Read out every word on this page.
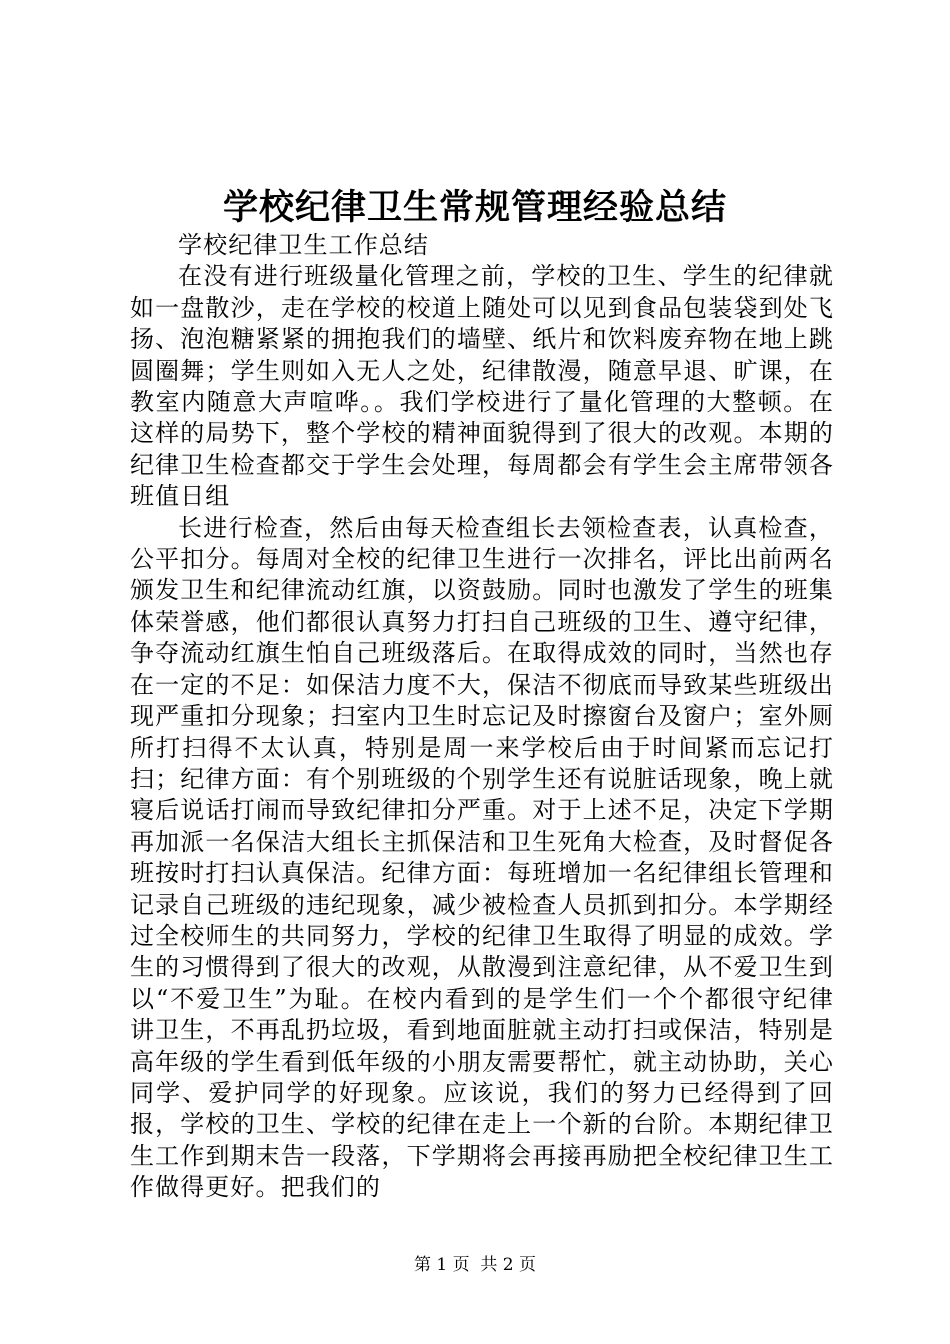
学校纪律卫生常规管理经验总结
学校纪律卫生工作总结

在没有进行班级量化管理之前，学校的卫生、学生的纪律就如一盘散沙，走在学校的校道上随处可以见到食品包装袋到处飞扬、泡泡糖紧紧的拥抱我们的墙壁、纸片和饮料废弃物在地上跳圆圈舞；学生则如入无人之处，纪律散漫，随意早退、旷课，在教室内随意大声喧哗。。我们学校进行了量化管理的大整顿。在这样的局势下，整个学校的精神面貌得到了很大的改观。本期的纪律卫生检查都交于学生会处理，每周都会有学生会主席带领各班值日组

长进行检查，然后由每天检查组长去领检查表，认真检查，公平扣分。每周对全校的纪律卫生进行一次排名，评比出前两名颁发卫生和纪律流动红旗，以资鼓励。同时也激发了学生的班集体荣誉感，他们都很认真努力打扫自己班级的卫生、遵守纪律，争夺流动红旗生怕自己班级落后。在取得成效的同时，当然也存在一定的不足：如保洁力度不大，保洁不彻底而导致某些班级出现严重扣分现象；扫室内卫生时忘记及时擦窗台及窗户；室外厕所打扫得不太认真，特别是周一来学校后由于时间紧而忘记打扫；纪律方面：有个别班级的个别学生还有说脏话现象，晚上就寝后说话打闹而导致纪律扣分严重。对于上述不足，决定下学期再加派一名保洁大组长主抓保洁和卫生死角大检查，及时督促各班按时打扫认真保洁。纪律方面：每班增加一名纪律组长管理和记录自己班级的违纪现象，减少被检查人员抓到扣分。本学期经过全校师生的共同努力，学校的纪律卫生取得了明显的成效。学生的习惯得到了很大的改观，从散漫到注意纪律，从不爱卫生到以“不爱卫生”为耻。在校内看到的是学生们一个个都很守纪律讲卫生，不再乱扔垃圾，看到地面脏就主动打扫或保洁，特别是高年级的学生看到低年级的小朋友需要帮忙，就主动协助，关心同学、爱护同学的好现象。应该说，我们的努力已经得到了回报，学校的卫生、学校的纪律在走上一个新的台阶。本期纪律卫生工作到期末告一段落，下学期将会再接再励把全校纪律卫生工作做得更好。把我们的

第 1 页  共 2 页
